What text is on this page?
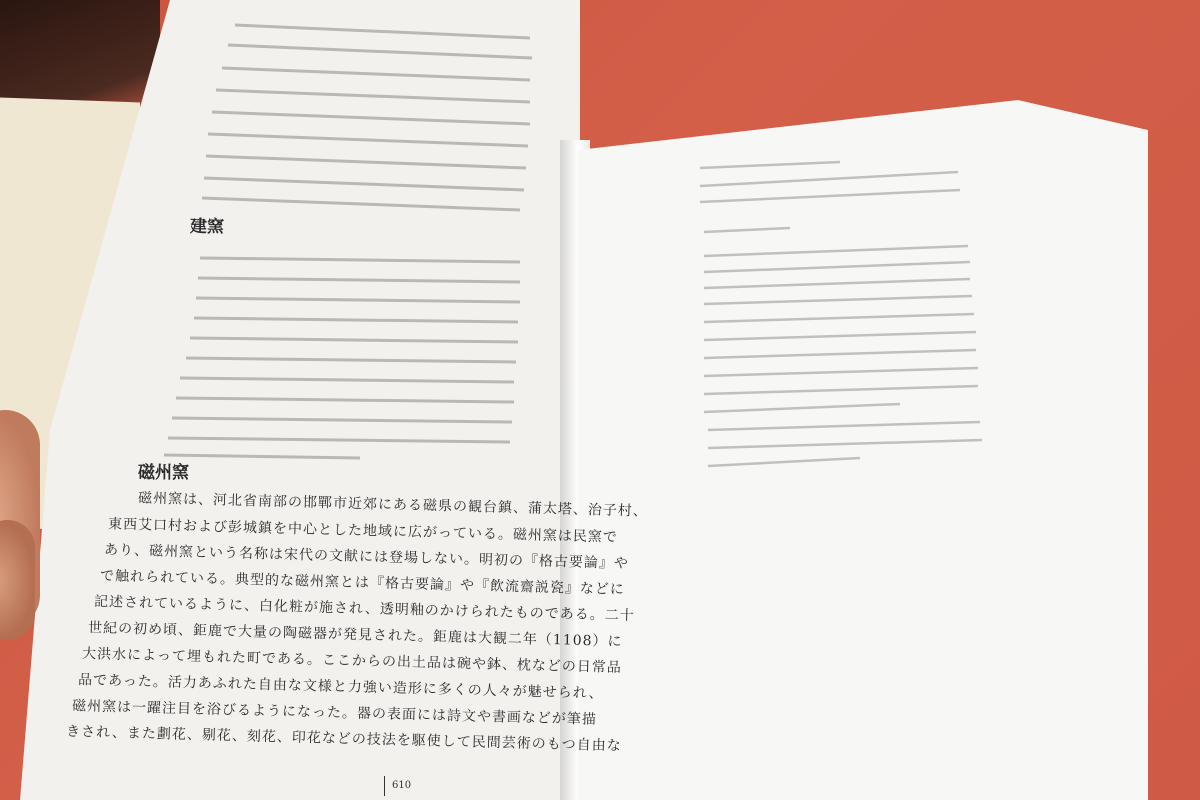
建窯
磁州窯
磁州窯は、河北省南部の邯鄲市近郊にある磁県の観台鎮、蒲太塔、治子村、
東西艾口村および彭城鎮を中心とした地域に広がっている。磁州窯は民窯で
あり、磁州窯という名称は宋代の文献には登場しない。明初の『格古要論』や
で触れられている。典型的な磁州窯とは『格古要論』や『飲流齋説瓷』などに
記述されているように、白化粧が施され、透明釉のかけられたものである。二十
世紀の初め頃、鉅鹿で大量の陶磁器が発見された。鉅鹿は大観二年（1108）に
大洪水によって埋もれた町である。ここからの出土品は碗や鉢、枕などの日常品
品であった。活力あふれた自由な文様と力強い造形に多くの人々が魅せられ、
磁州窯は一躍注目を浴びるようになった。器の表面には詩文や書画などが筆描
きされ、また劃花、剔花、刻花、印花などの技法を駆使して民間芸術のもつ自由な
610
